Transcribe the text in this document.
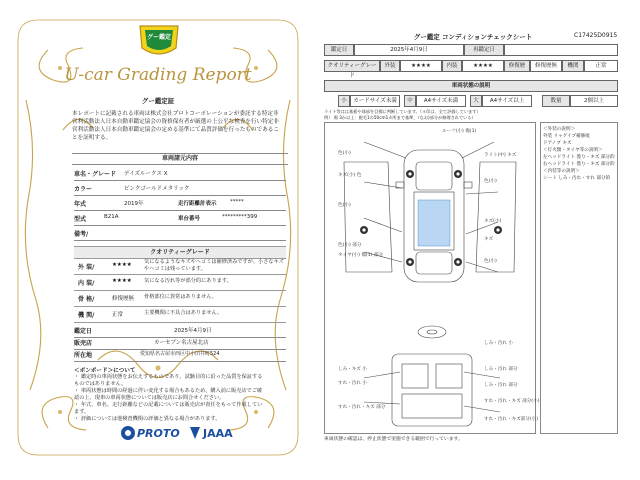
グー鑑定
U-car Grading Report
グー鑑定証
本レポートに記載される車両は株式会社プロトコーポレーションが委託する特定非営利活動法人日本自動車鑑定協会の資格保有者が厳選の上公平な検査を行い特定非営利活動法人日本自動車鑑定協会の定める基準にて品質評価を行ったものであることを証明する。
車両諸元内容
車名・グレード デイズルークス X
カラー	ピンクゴールドメタリック
年式	2019年	走行距離計表示 *****
型式	B21A	車台番号	*********399
備考/
クオリティーグレード
外 装/	★★★★ 気になるようなキズやヘコミは補修済みですが、小さなキズやヘコミは残っています。
内 装/	★★★★ 気になる汚れ等が部分的にあります。
骨 格/	修復歴無 骨格部位に異常はありません。
機 関/	正常	主要機関に不具合はありません。
鑑定日	2025年4月9日
販売店	カーセブン名古屋北店
所在地	愛知県名古屋市西区中小田井町524
＜ボンボード＞について
・ 鑑定時の車両状態をお伝えするものであり、試験目的に沿った品質を保証するものではありません。
・ 車両状態は時間の経過に伴い変化する場合もあるため、購入前に販売店でご確認の上、現車の車両状態については販売店にお問合せください。
・ 年式、車名、走行距離などの記載については販売店が責任をもって作成しています。
・ 評価については他検査機関の評価と異なる場合があります。
PROTO JAAA
グー鑑定 コンディションチェックシート	C17425D0915
鑑定日	2025年4月9日	再鑑定日
クオリティーグレード
外装	★★★★	内装	★★★★	修復歴	修復歴無	機関	正常
車両状態の説明
小	カードサイズ未満	中	A4サイズ未満	大	A4サイズ以上	数量	2個以上
ライト等はは基板や球部を目標に判断しています。（＊印は、全て評価しています）
例） 傷 3か以上：脱毛1の50cm1カ所まで基準，（なお)部分が修理されている）
ルーフ(小) 傷(1)
色(小)
キズ(小) 色
ライト(中) キズ
色(小)
色(小)
キズ(小)
キズ
色(小) 部分
タイヤ(小) 傷(1) 部分
色(小)
しみ・汚れ 小
しみ・キズ 小	しみ・汚れ 部分
すれ・汚れ 小	しみ・汚れ 部分
すれ・汚れ・キズ 部分
すれ・汚れ・キズ 部分(小)
すれ・汚れ・キズ部分(小)
＜外装の説明＞
外装 リャゲイプ補修痕
ドアノブ キズ
＜灯火類・タイヤ等の説明＞
左ヘッドライト 曇り・キズ 部分的
右ヘッドライト 曇り・キズ 部分的
＜内装等の説明＞
シート しみ・汚れ・すれ 部分的
車両状態の確認は、停止状態で実施できる範囲で行っています。
